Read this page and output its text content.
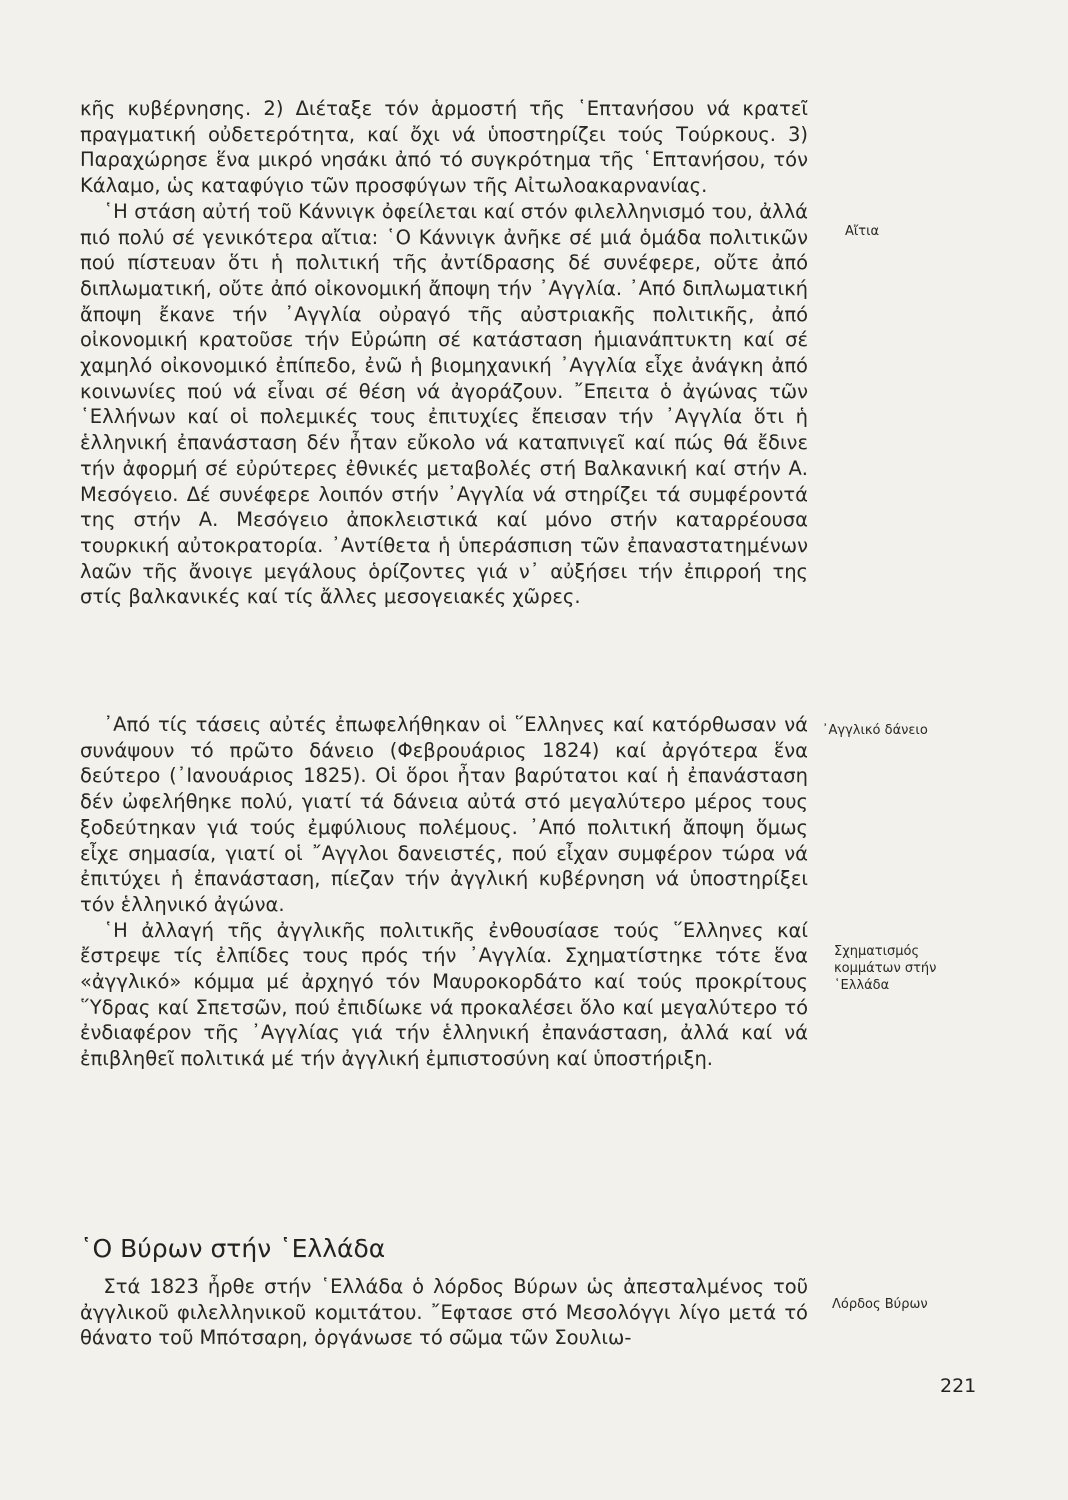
κῆς κυβέρνησης. 2) Διέταξε τόν ἁρμοστή τῆς ῾Επτανήσου νά κρατεῖ πραγματική οὐδετερότητα, καί ὄχι νά ὑποστηρίζει τούς Τούρκους. 3) Παραχώρησε ἕνα μικρό νησάκι ἀπό τό συγκρότημα τῆς ῾Επτανήσου, τόν Κάλαμο, ὡς καταφύγιο τῶν προσφύγων τῆς Αἰτωλοακαρνανίας.

῾Η στάση αὐτή τοῦ Κάννιγκ ὀφείλεται καί στόν φιλελληνισμό του, ἀλλά πιό πολύ σέ γενικότερα αἴτια: ῾Ο Κάννιγκ ἀνῆκε σέ μιά ὁμάδα πολιτικῶν πού πίστευαν ὅτι ἡ πολιτική τῆς ἀντίδρασης δέ συνέφερε, οὔτε ἀπό διπλωματική, οὔτε ἀπό οἰκονομική ἄποψη τήν ᾿Αγγλία. ᾿Από διπλωματική ἄποψη ἔκανε τήν ᾿Αγγλία οὐραγό τῆς αὐστριακῆς πολιτικῆς, ἀπό οἰκονομική κρατοῦσε τήν Εὐρώπη σέ κατάσταση ἡμιανάπτυκτη καί σέ χαμηλό οἰκονομικό ἐπίπεδο, ἐνῶ ἡ βιομηχανική ᾿Αγγλία εἶχε ἀνάγκη ἀπό κοινωνίες πού νά εἶναι σέ θέση νά ἀγοράζουν. ῎Επειτα ὁ ἀγώνας τῶν ῾Ελλήνων καί οἱ πολεμικές τους ἐπιτυχίες ἔπεισαν τήν ᾿Αγγλία ὅτι ἡ ἑλληνική ἐπανάσταση δέν ἦταν εὔκολο νά καταπνιγεῖ καί πώς θά ἔδινε τήν ἀφορμή σέ εὐρύτερες ἐθνικές μεταβολές στή Βαλκανική καί στήν Α. Μεσόγειο. Δέ συνέφερε λοιπόν στήν ᾿Αγγλία νά στηρίζει τά συμφέροντά της στήν Α. Μεσόγειο ἀποκλειστικά καί μόνο στήν καταρρέουσα τουρκική αὐτοκρατορία. ᾿Αντίθετα ἡ ὑπεράσπιση τῶν ἐπαναστατημένων λαῶν τῆς ἄνοιγε μεγάλους ὁρίζοντες γιά ν᾿ αὐξήσει τήν ἐπιρροή της στίς βαλκανικές καί τίς ἄλλες μεσογειακές χῶρες.

᾿Από τίς τάσεις αὐτές ἐπωφελήθηκαν οἱ ῞Ελληνες καί κατόρθωσαν νά συνάψουν τό πρῶτο δάνειο (Φεβρουάριος 1824) καί ἀργότερα ἕνα δεύτερο (᾿Ιανουάριος 1825). Οἱ ὅροι ἦταν βαρύτατοι καί ἡ ἐπανάσταση δέν ὠφελήθηκε πολύ, γιατί τά δάνεια αὐτά στό μεγαλύτερο μέρος τους ξοδεύτηκαν γιά τούς ἐμφύλιους πολέμους. ᾿Από πολιτική ἄποψη ὅμως εἶχε σημασία, γιατί οἱ ῎Αγγλοι δανειστές, πού εἶχαν συμφέρον τώρα νά ἐπιτύχει ἡ ἐπανάσταση, πίεζαν τήν ἀγγλική κυβέρνηση νά ὑποστηρίξει τόν ἑλληνικό ἀγώνα.

῾Η ἀλλαγή τῆς ἀγγλικῆς πολιτικῆς ἐνθουσίασε τούς ῞Ελληνες καί ἔστρεψε τίς ἐλπίδες τους πρός τήν ᾿Αγγλία. Σχηματίστηκε τότε ἕνα «ἀγγλικό» κόμμα μέ ἀρχηγό τόν Μαυροκορδάτο καί τούς προκρίτους ῞Υδρας καί Σπετσῶν, πού ἐπιδίωκε νά προκαλέσει ὅλο καί μεγαλύτερο τό ἐνδιαφέρον τῆς ᾿Αγγλίας γιά τήν ἑλληνική ἐπανάσταση, ἀλλά καί νά ἐπιβληθεῖ πολιτικά μέ τήν ἀγγλική ἐμπιστοσύνη καί ὑποστήριξη.

῾Ο Βύρων στήν ῾Ελλάδα

Στά 1823 ἦρθε στήν ῾Ελλάδα ὁ λόρδος Βύρων ὡς ἀπεσταλμένος τοῦ ἀγγλικοῦ φιλελληνικοῦ κομιτάτου. ῎Εφτασε στό Μεσολόγγι λίγο μετά τό θάνατο τοῦ Μπότσαρη, ὀργάνωσε τό σῶμα τῶν Σουλιω-

Αἴτια
᾿Αγγλικό δάνειο
Σχηματισμός κομμάτων στήν ῾Ελλάδα
Λόρδος Βύρων
221
